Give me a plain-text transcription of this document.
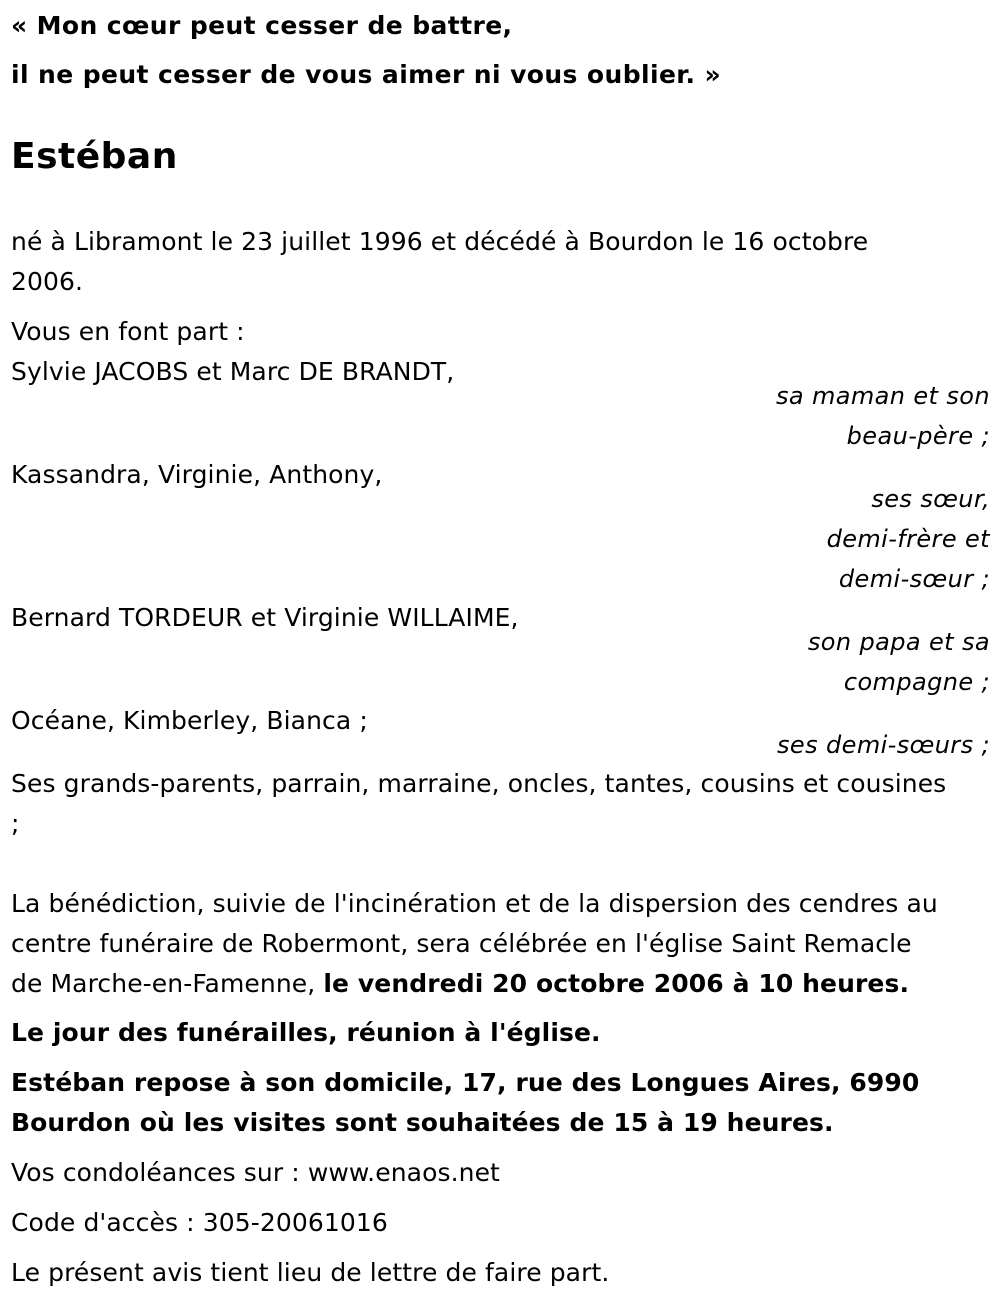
« Mon cœur peut cesser de battre,

il ne peut cesser de vous aimer ni vous oublier. »

Estéban

né à Libramont le 23 juillet 1996 et décédé à Bourdon le 16 octobre

2006.

Vous en font part :

Sylvie JACOBS et Marc DE BRANDT,

sa maman et son

beau-père ;

Kassandra, Virginie, Anthony,

ses sœur,

demi-frère et

demi-sœur ;

Bernard TORDEUR et Virginie WILLAIME,

son papa et sa

compagne ;

Océane, Kimberley, Bianca ;

ses demi-sœurs ;

Ses grands-parents, parrain, marraine, oncles, tantes, cousins et cousines

;

La bénédiction, suivie de l'incinération et de la dispersion des cendres au

centre funéraire de Robermont, sera célébrée en l'église Saint Remacle

de Marche-en-Famenne, le vendredi 20 octobre 2006 à 10 heures.

Le jour des funérailles, réunion à l'église.

Estéban repose à son domicile, 17, rue des Longues Aires, 6990

Bourdon où les visites sont souhaitées de 15 à 19 heures.

Vos condoléances sur : www.enaos.net

Code d'accès : 305-20061016

Le présent avis tient lieu de lettre de faire part.
